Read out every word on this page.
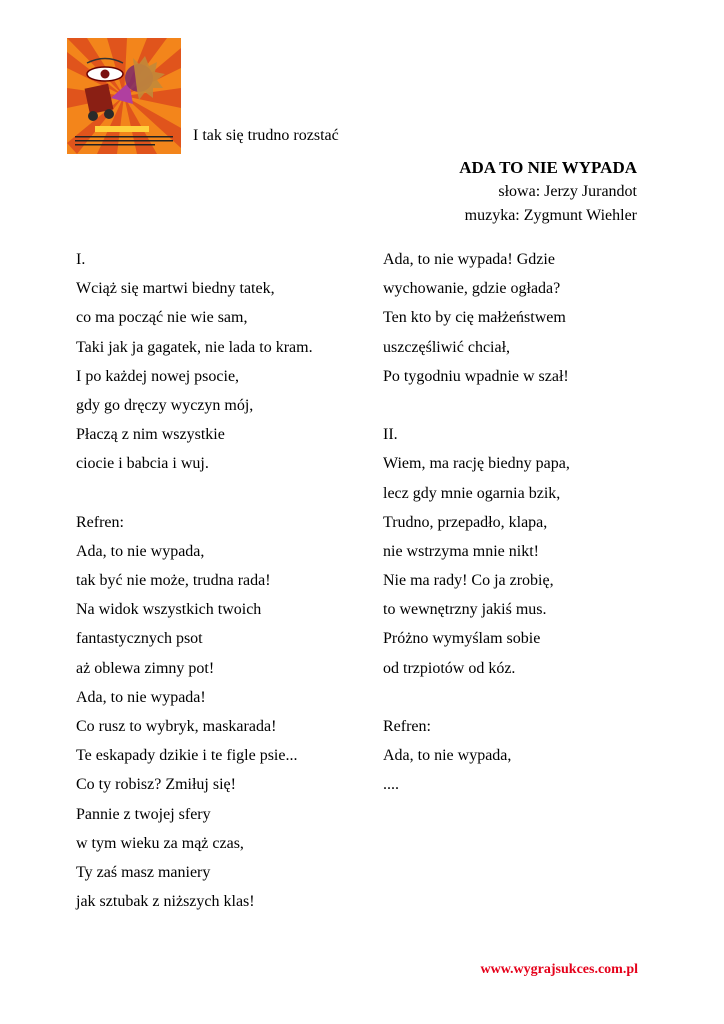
I tak się trudno rozstać
ADA TO NIE WYPADA
słowa: Jerzy Jurandot
muzyka: Zygmunt Wiehler
I.
Wciąż się martwi biedny tatek,
co ma począć nie wie sam,
Taki jak ja gagatek, nie lada to kram.
I po każdej nowej psocie,
gdy go dręczy wyczyn mój,
Płaczą z nim wszystkie
ciocie i babcia i wuj.
Refren:
Ada, to nie wypada,
tak być nie może, trudna rada!
Na widok wszystkich twoich
fantastycznych psot
aż oblewa zimny pot!
Ada, to nie wypada!
Co rusz to wybryk, maskarada!
Te eskapady dzikie i te figle psie...
Co ty robisz? Zmiłuj się!
Pannie z twojej sfery
w tym wieku za mąż czas,
Ty zaś masz maniery
jak sztubak z niższych klas!
Ada, to nie wypada! Gdzie
wychowanie, gdzie ogłada?
Ten kto by cię małżeństwem
uszczęśliwić chciał,
Po tygodniu wpadnie w szał!
II.
Wiem, ma rację biedny papa,
lecz gdy mnie ogarnia bzik,
Trudno, przepadło, klapa,
nie wstrzyma mnie nikt!
Nie ma rady! Co ja zrobię,
to wewnętrzny jakiś mus.
Próżno wymyślam sobie
od trzpiotów od kóz.
Refren:
Ada, to nie wypada,
....
www.wygrajsukces.com.pl
